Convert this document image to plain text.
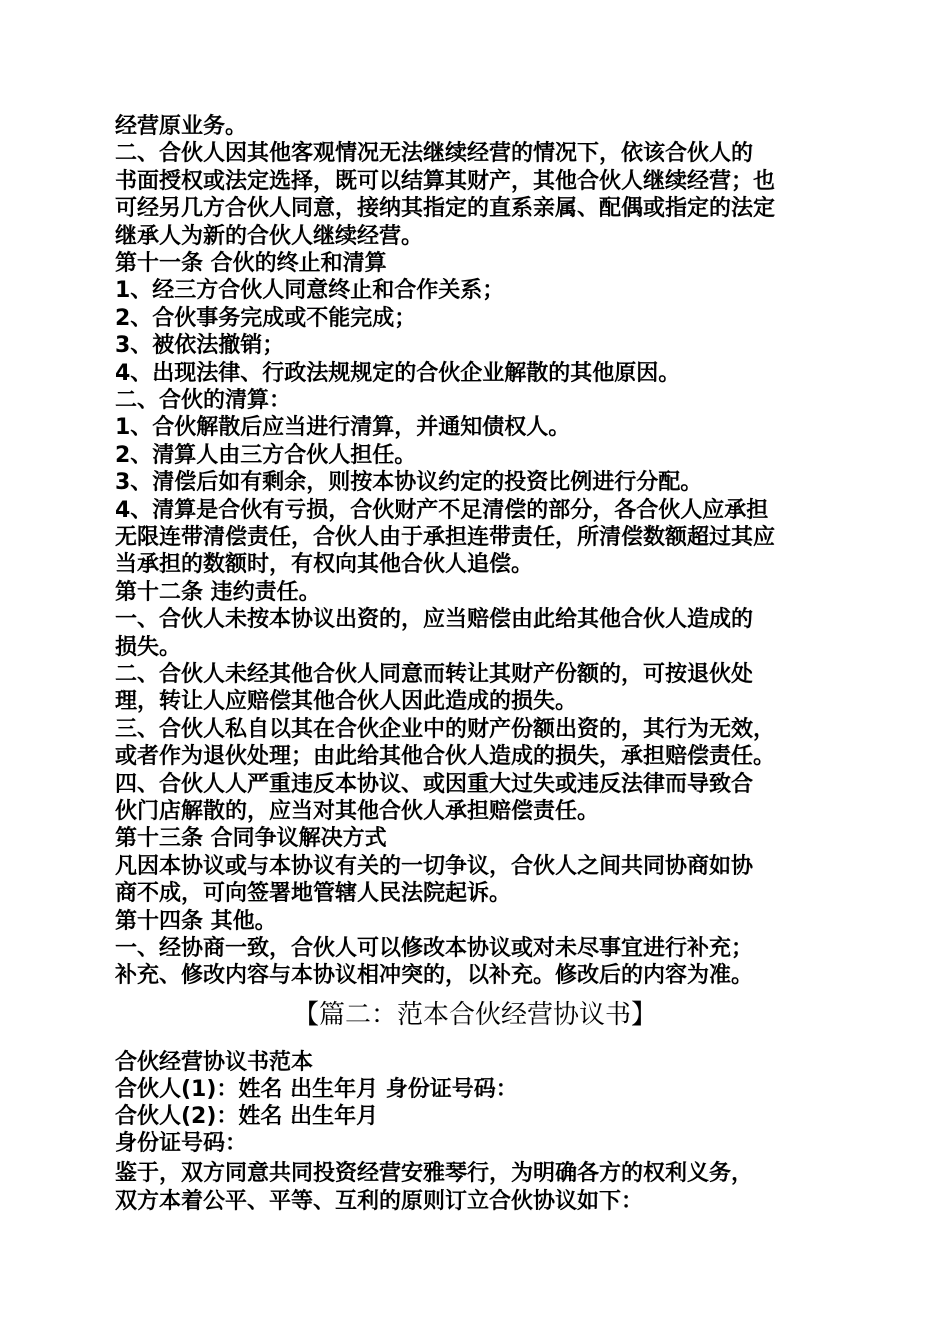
经营原业务。
二、合伙人因其他客观情况无法继续经营的情况下，依该合伙人的
书面授权或法定选择，既可以结算其财产，其他合伙人继续经营；也
可经另几方合伙人同意，接纳其指定的直系亲属、配偶或指定的法定
继承人为新的合伙人继续经营。
第十一条 合伙的终止和清算
1、经三方合伙人同意终止和合作关系；
2、合伙事务完成或不能完成；
3、被依法撤销；
4、出现法律、行政法规规定的合伙企业解散的其他原因。
二、合伙的清算：
1、合伙解散后应当进行清算，并通知债权人。
2、清算人由三方合伙人担任。
3、清偿后如有剩余，则按本协议约定的投资比例进行分配。
4、清算是合伙有亏损，合伙财产不足清偿的部分，各合伙人应承担
无限连带清偿责任，合伙人由于承担连带责任，所清偿数额超过其应
当承担的数额时，有权向其他合伙人追偿。
第十二条 违约责任。
一、合伙人未按本协议出资的，应当赔偿由此给其他合伙人造成的
损失。
二、合伙人未经其他合伙人同意而转让其财产份额的，可按退伙处
理，转让人应赔偿其他合伙人因此造成的损失。
三、合伙人私自以其在合伙企业中的财产份额出资的，其行为无效，
或者作为退伙处理；由此给其他合伙人造成的损失，承担赔偿责任。
四、合伙人人严重违反本协议、或因重大过失或违反法律而导致合
伙门店解散的，应当对其他合伙人承担赔偿责任。
第十三条 合同争议解决方式
凡因本协议或与本协议有关的一切争议，合伙人之间共同协商如协
商不成，可向签署地管辖人民法院起诉。
第十四条 其他。
一、经协商一致，合伙人可以修改本协议或对未尽事宜进行补充；
补充、修改内容与本协议相冲突的，以补充。修改后的内容为准。
【篇二：范本合伙经营协议书】
合伙经营协议书范本
合伙人(1)：姓名 出生年月 身份证号码：
合伙人(2)：姓名 出生年月
身份证号码：
鉴于，双方同意共同投资经营安雅琴行，为明确各方的权利义务，
双方本着公平、平等、互利的原则订立合伙协议如下：
